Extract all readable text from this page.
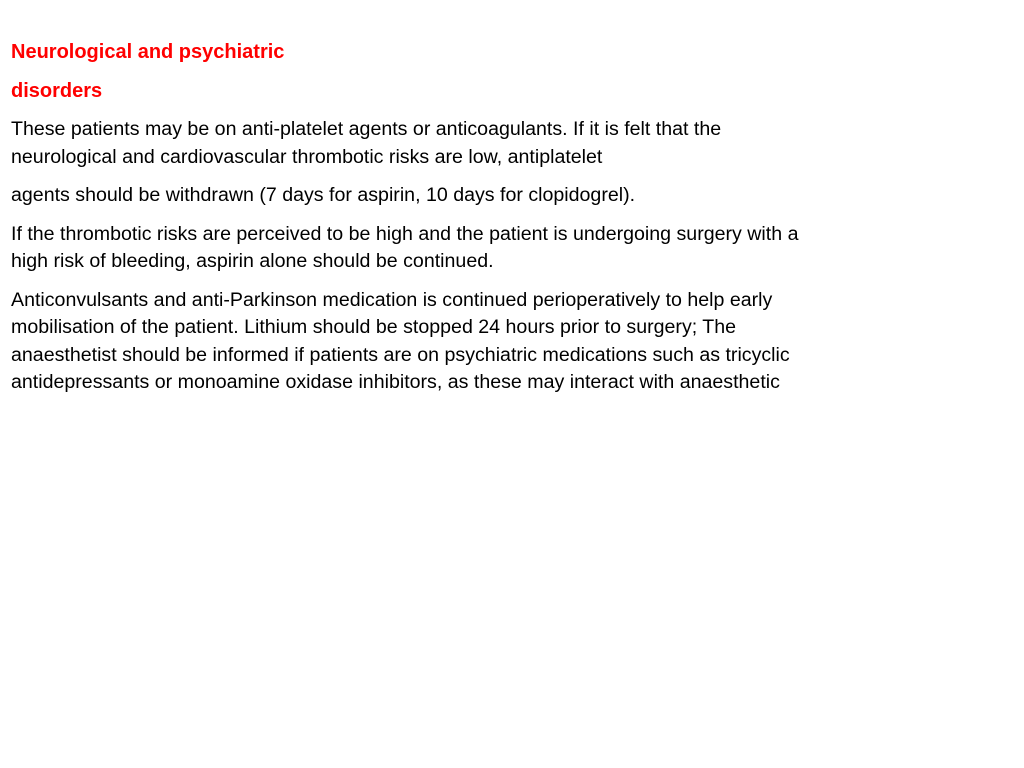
Neurological and psychiatric
disorders

These patients may be on anti-platelet agents or anticoagulants. If it is felt that the
neurological and cardiovascular thrombotic risks are low, antiplatelet

agents should be withdrawn (7 days for aspirin, 10 days for clopidogrel).

If the thrombotic risks are perceived to be high and the patient is undergoing surgery with a
high risk of bleeding, aspirin alone should be continued.

Anticonvulsants and anti-Parkinson medication is continued perioperatively to help early
mobilisation of the patient. Lithium should be stopped 24 hours prior to surgery; The
anaesthetist should be informed if patients are on psychiatric medications such as tricyclic
antidepressants or monoamine oxidase inhibitors, as these may interact with anaesthetic
